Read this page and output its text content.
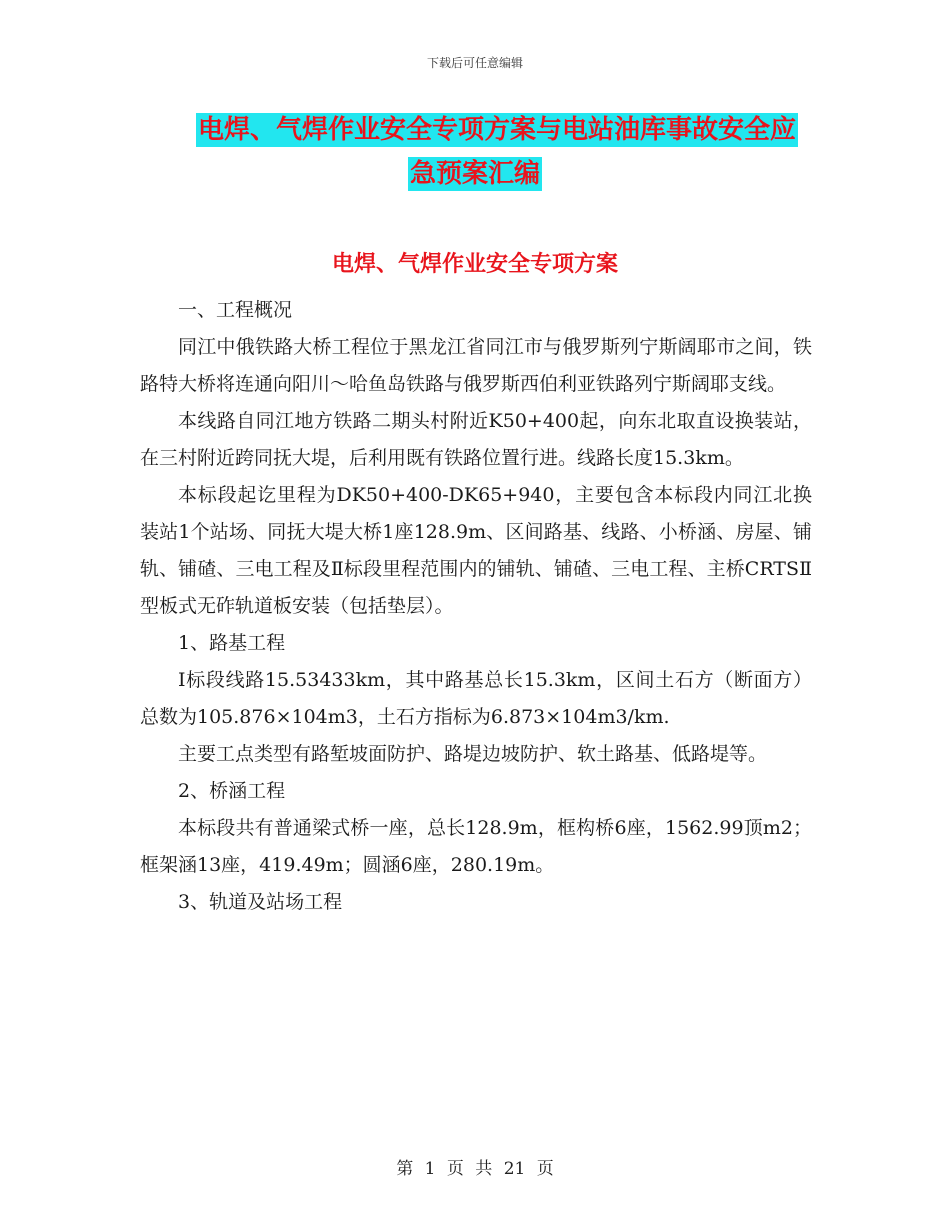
下载后可任意编辑
电焊、气焊作业安全专项方案与电站油库事故安全应
急预案汇编
电焊、气焊作业安全专项方案

一、工程概况

同江中俄铁路大桥工程位于黑龙江省同江市与俄罗斯列宁斯阔耶市之间，铁路特大桥将连通向阳川～哈鱼岛铁路与俄罗斯西伯利亚铁路列宁斯阔耶支线。

本线路自同江地方铁路二期头村附近K50+400起，向东北取直设换装站，在三村附近跨同抚大堤，后利用既有铁路位置行进。线路长度15.3km。

本标段起讫里程为DK50+400-DK65+940，主要包含本标段内同江北换装站1个站场、同抚大堤大桥1座128.9m、区间路基、线路、小桥涵、房屋、铺轨、铺碴、三电工程及Ⅱ标段里程范围内的铺轨、铺碴、三电工程、主桥CRTSⅡ型板式无砟轨道板安装（包括垫层）。

1、路基工程

Ⅰ标段线路15.53433km，其中路基总长15.3km，区间土石方（断面方）总数为105.876×104m3，土石方指标为6.873×104m3/km.

主要工点类型有路堑坡面防护、路堤边坡防护、软土路基、低路堤等。

2、桥涵工程

本标段共有普通梁式桥一座，总长128.9m，框构桥6座，1562.99顶m2；框架涵13座，419.49m；圆涵6座，280.19m。

3、轨道及站场工程

第 1 页 共 21 页
